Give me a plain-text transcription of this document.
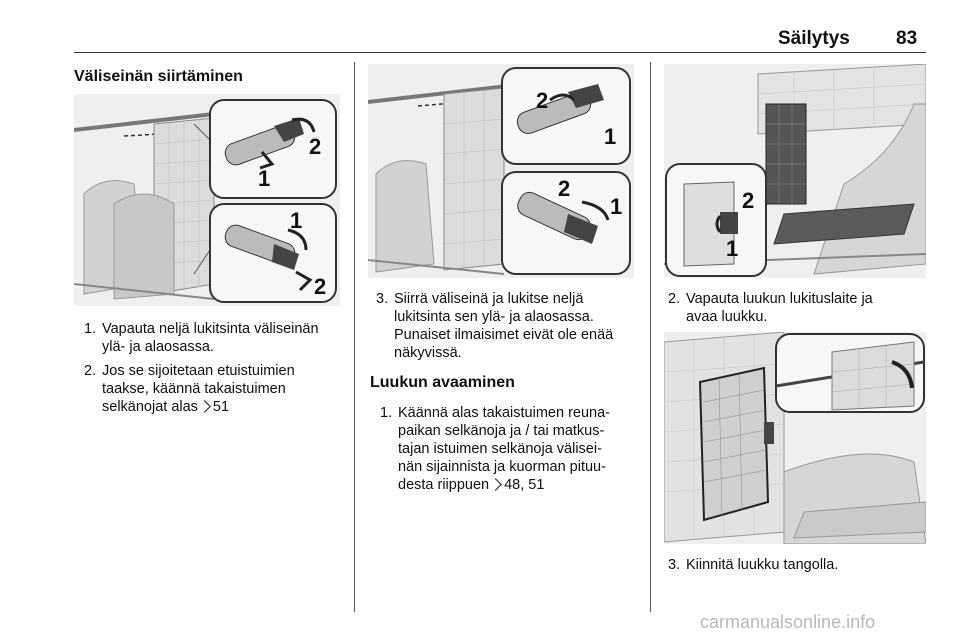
Säilytys 83
Väliseinän siirtäminen
2
1
1
2
1. Vapauta neljä lukitsinta väliseinän
ylä- ja alaosassa.
2. Jos se sijoitetaan etuistuimien
taakse, käännä takaistuimen
selkänojat alas 51
2
1
2
1
3. Siirrä väliseinä ja lukitse neljä
lukitsinta sen ylä- ja alaosassa.
Punaiset ilmaisimet eivät ole enää
näkyvissä.
Luukun avaaminen
1. Käännä alas takaistuimen reuna-
paikan selkänoja ja / tai matkus-
tajan istuimen selkänoja välisei-
nän sijainnista ja kuorman pituu-
desta riippuen 48, 51
2
1
2. Vapauta luukun lukituslaite ja
avaa luukku.
3. Kiinnitä luukku tangolla.
carmanualsonline.info
